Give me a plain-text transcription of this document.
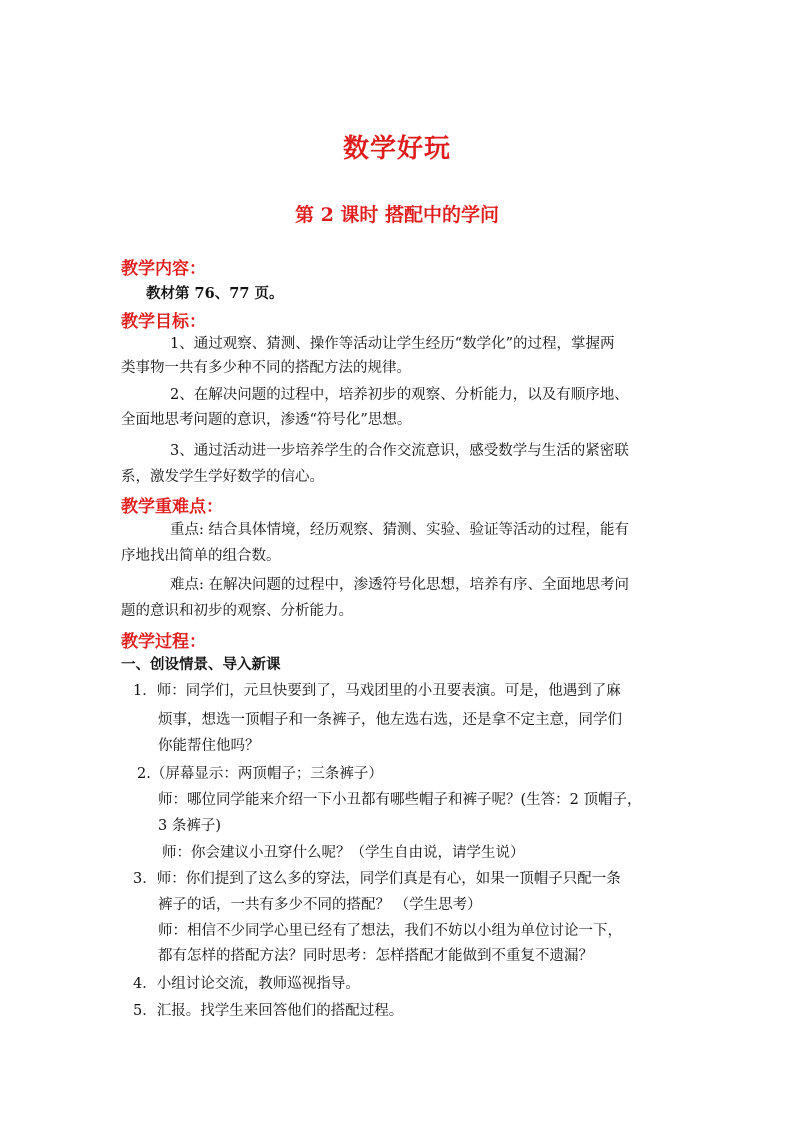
数学好玩
第 2 课时 搭配中的学问
教学内容：
教材第 76、77 页。
教学目标：
1、通过观察、猜测、操作等活动让学生经历“数学化”的过程，掌握两
类事物一共有多少种不同的搭配方法的规律。
2、在解决问题的过程中，培养初步的观察、分析能力，以及有顺序地、
全面地思考问题的意识，渗透“符号化”思想。
3、通过活动进一步培养学生的合作交流意识，感受数学与生活的紧密联
系，激发学生学好数学的信心。
教学重难点：
重点: 结合具体情境，经历观察、猜测、实验、验证等活动的过程，能有
序地找出简单的组合数。
难点: 在解决问题的过程中，渗透符号化思想，培养有序、全面地思考问
题的意识和初步的观察、分析能力。
教学过程：
一、创设情景、导入新课
1．师：同学们，元旦快要到了，马戏团里的小丑要表演。可是，他遇到了麻
烦事，想选一顶帽子和一条裤子，他左选右选，还是拿不定主意，同学们
你能帮住他吗？
2.（屏幕显示：两顶帽子；三条裤子）
师：哪位同学能来介绍一下小丑都有哪些帽子和裤子呢？(生答：2 顶帽子，
3 条裤子)
师：你会建议小丑穿什么呢？（学生自由说，请学生说）
3．师：你们提到了这么多的穿法，同学们真是有心，如果一顶帽子只配一条
裤子的话，一共有多少不同的搭配？ （学生思考）
师：相信不少同学心里已经有了想法，我们不妨以小组为单位讨论一下，
都有怎样的搭配方法？同时思考：怎样搭配才能做到不重复不遗漏？
4．小组讨论交流，教师巡视指导。
5．汇报。找学生来回答他们的搭配过程。
